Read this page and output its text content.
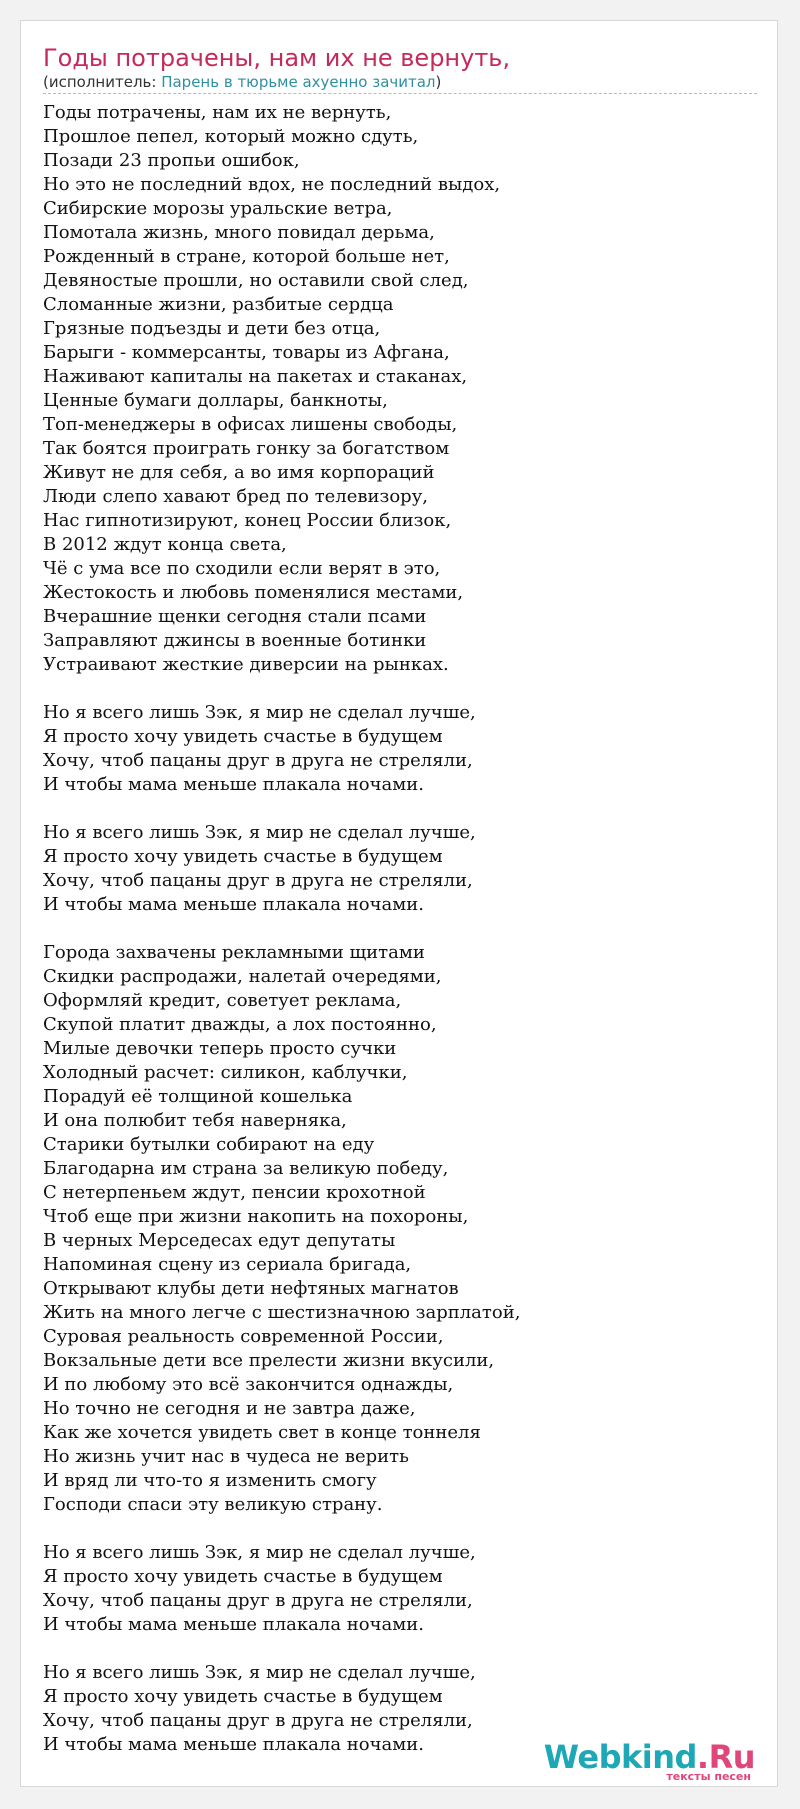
Годы потрачены, нам их не вернуть,
(исполнитель: Парень в тюрьме ахуенно зачитал)
Годы потрачены, нам их не вернуть,
Прошлое пепел, который можно сдуть,
Позади 23 пропьи ошибок,
Но это не последний вдох, не последний выдох,
Сибирские морозы уральские ветра,
Помотала жизнь, много повидал дерьма,
Рожденный в стране, которой больше нет,
Девяностые прошли, но оставили свой след,
Сломанные жизни, разбитые сердца
Грязные подъезды и дети без отца,
Барыги - коммерсанты, товары из Афгана,
Наживают капиталы на пакетах и стаканах,
Ценные бумаги доллары, банкноты,
Топ-менеджеры в офисах лишены свободы,
Так боятся проиграть гонку за богатством
Живут не для себя, а во имя корпораций
Люди слепо хавают бред по телевизору,
Нас гипнотизируют, конец России близок,
В 2012 ждут конца света,
Чё с ума все по сходили если верят в это,
Жестокость и любовь поменялися местами,
Вчерашние щенки сегодня стали псами
Заправляют джинсы в военные ботинки
Устраивают жесткие диверсии на рынках.
Но я всего лишь Зэк, я мир не сделал лучше,
Я просто хочу увидеть счастье в будущем
Хочу, чтоб пацаны друг в друга не стреляли,
И чтобы мама меньше плакала ночами.
Но я всего лишь Зэк, я мир не сделал лучше,
Я просто хочу увидеть счастье в будущем
Хочу, чтоб пацаны друг в друга не стреляли,
И чтобы мама меньше плакала ночами.
Города захвачены рекламными щитами
Скидки распродажи, налетай очередями,
Оформляй кредит, советует реклама,
Скупой платит дважды, а лох постоянно,
Милые девочки теперь просто сучки
Холодный расчет: силикон, каблучки,
Порадуй её толщиной кошелька
И она полюбит тебя наверняка,
Старики бутылки собирают на еду
Благодарна им страна за великую победу,
С нетерпеньем ждут, пенсии крохотной
Чтоб еще при жизни накопить на похороны,
В черных Мерседесах едут депутаты
Напоминая сцену из сериала бригада,
Открывают клубы дети нефтяных магнатов
Жить на много легче с шестизначною зарплатой,
Суровая реальность современной России,
Вокзальные дети все прелести жизни вкусили,
И по любому это всё закончится однажды,
Но точно не сегодня и не завтра даже,
Как же хочется увидеть свет в конце тоннеля
Но жизнь учит нас в чудеса не верить
И вряд ли что-то я изменить смогу
Господи спаси эту великую страну.
Но я всего лишь Зэк, я мир не сделал лучше,
Я просто хочу увидеть счастье в будущем
Хочу, чтоб пацаны друг в друга не стреляли,
И чтобы мама меньше плакала ночами.
Но я всего лишь Зэк, я мир не сделал лучше,
Я просто хочу увидеть счастье в будущем
Хочу, чтоб пацаны друг в друга не стреляли,
И чтобы мама меньше плакала ночами.	Webkind.Ru
тексты песен
